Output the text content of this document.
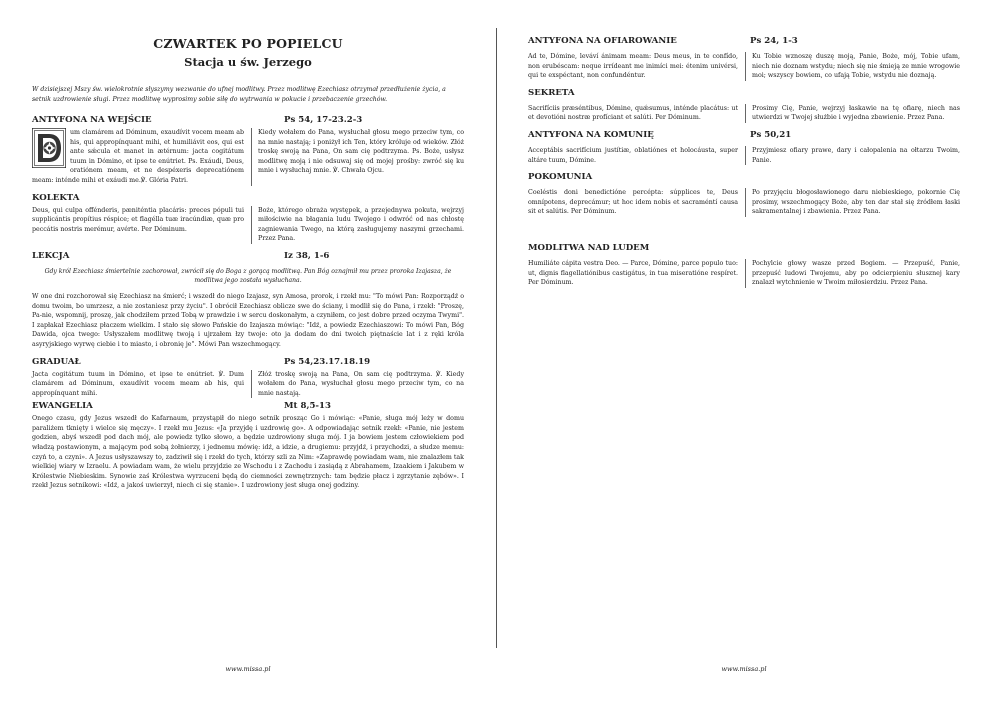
CZWARTEK PO POPIELCU
Stacja u św. Jerzego
W dzisiejszej Mszy św. wielokrotnie słyszymy wezwanie do ufnej modlitwy. Przez modlitwę Ezechiasz otrzymał przedłużenie życia, a setnik uzdrowienie sługi. Przez modlitwę wyprosimy sobie siłę do wytrwania w pokucie i przebaczenie grzechów.
ANTYFONA NA WEJŚCIE	Ps 54, 17-23.2-3
um clamárem ad Dóminum, exaudívit vocem meam ab his, qui appropínquant mihi, et humiliávit eos, qui est ante sǽcula et manet in ætérnum: jacta cogitátum tuum in Dómino, et ipse te enútriet. Ps. Exáudi, Deus, oratiónem meam, et ne despéxeris deprecatiónem meam: inténde mihi et exáudi me.℣. Glória Patri.
Kiedy wołałem do Pana, wysłuchał głosu mego przeciw tym, co na mnie nastają; i poniżył ich Ten, który króluje od wieków. Złóż troskę swoją na Pana, On sam cię podtrzyma. Ps. Boże, usłysz modlitwę moją i nie odsuwaj się od mojej prośby: zwróć się ku mnie i wysłuchaj mnie. ℣. Chwała Ojcu.
KOLEKTA
Deus, qui culpa offénderis, pæniténtia placáris: preces pópuli tui supplicántis propítius réspice; et flagélla tuæ iracúndiæ, quæ pro peccátis nostris merémur, avérte. Per Dóminum.
Boże, którego obraża występek, a przejednywa pokuta, wejrzyj miłościwie na błagania ludu Twojego i odwróć od nas chłostę zagniewania Twego, na którą zasługujemy naszymi grzechami. Przez Pana.
LEKCJA	Iz 38, 1-6
Gdy król Ezechiasz śmiertelnie zachorował, zwrócił się do Boga z gorącą modlitwą. Pan Bóg oznajmił mu przez proroka Izajasza, że modlitwa jego została wysłuchana.
W one dni rozchorował się Ezechiasz na śmierć; i wszedł do niego Izajasz, syn Amosa, prorok, i rzekł mu: "To mówi Pan: Rozporządź o domu twoim, bo umrzesz, a nie zostaniesz przy życiu". I obrócił Ezechiasz oblicze swe do ściany, i modlił się do Pana, i rzekł: "Proszę, Pa-nie, wspomnij, proszę, jak chodziłem przed Tobą w prawdzie i w sercu doskonałym, a czyniłem, co jest dobre przed oczyma Twymi". I zapłakał Ezechiasz płaczem wielkim. I stało się słowo Pańskie do Izajasza mówiąc: "Idź, a powiedz Ezechiaszowi: To mówi Pan, Bóg Dawida, ojca twego: Usłyszałem modlitwę twoją i ujrzałem łzy twoje: oto ja dodam do dni twoich piętnaście lat i z ręki króla asyryjskiego wyrwę ciebie i to miasto, i obronię je". Mówi Pan wszechmogący.
GRADUAŁ	Ps 54,23.17.18.19
Jacta cogitátum tuum in Dómino, et ipse te enútriet. ℣. Dum clamárem ad Dóminum, exaudívit vocem meam ab his, qui appropínquant mihi.
Złóż troskę swoją na Pana, On sam cię podtrzyma. ℣. Kiedy wołałem do Pana, wysłuchał głosu mego przeciw tym, co na mnie nastają.
EWANGELIA	Mt 8,5-13
Onego czasu, gdy Jezus wszedł do Kafarnaum, przystąpił do niego setnik prosząc Go i mówiąc: «Panie, sługa mój leży w domu paraliżem tknięty i wielce się męczy». I rzekł mu Jezus: «Ja przyjdę i uzdrowię go». A odpowiadając setnik rzekł: «Panie, nie jestem godzien, abyś wszedł pod dach mój, ale powiedz tylko słowo, a będzie uzdrowiony sługa mój. I ja bowiem jestem człowiekiem pod władzą postawionym, a mającym pod sobą żołnierzy, i jednemu mówię: idź, a idzie, a drugiemu: przyjdź, i przychodzi, a słudze memu: czyń to, a czyni». A Jezus usłyszawszy to, zadziwił się i rzekł do tych, którzy szli za Nim: «Zaprawdę powiadam wam, nie znalazłem tak wielkiej wiary w Izraelu. A powiadam wam, że wielu przyjdzie ze Wschodu i z Zachodu i zasiądą z Abrahamem, Izaakiem i Jakubem w Królestwie Niebieskim. Synowie zaś Królestwa wyrzuceni będą do ciemności zewnętrznych: tam będzie płacz i zgrzytanie zębów». I rzekł Jezus setnikowi: «Idź, a jakoś uwierzył, niech ci się stanie». I uzdrowiony jest sługa onej godziny.
www.missa.pl
ANTYFONA NA OFIAROWANIE	Ps 24, 1-3
Ad te, Dómine, leváví ánimam meam: Deus meus, in te confído, non erubéscam: neque irrídeant me inimíci mei: étenim univérsi, qui te exspéctant, non confundéntur.
Ku Tobie wznoszę duszę moją, Panie, Boże, mój, Tobie ufam, niech nie doznam wstydu; niech się nie śmieją ze mnie wrogowie moi; wszyscy bowiem, co ufają Tobie, wstydu nie doznają.
SEKRETA
Sacrifíciis præséntibus, Dómine, quǽsumus, inténde placátus: ut et devotióni nostræ profíciant et salúti. Per Dóminum.
Prosimy Cię, Panie, wejrzyj łaskawie na tę ofiarę, niech nas utwierdzi w Twojej służbie i wyjedna zbawienie. Przez Pana.
ANTYFONA NA KOMUNIĘ	Ps 50,21
Acceptábis sacrifícium justítiæ, oblatiónes et holocáusta, super altáre tuum, Dómine.
Przyjmiesz ofiary prawe, dary i całopalenia na ołtarzu Twoim, Panie.
POKOMUNIA
Coeléstis doni benedictióne percépta: súpplices te, Deus omnípotens, deprecámur; ut hoc idem nobis et sacraméntí causa sit et salútis. Per Dóminum.
Po przyjęciu błogosławionego daru niebieskiego, pokornie Cię prosimy, wszechmogący Boże, aby ten dar stał się źródłem łaski sakramentalnej i zbawienia. Przez Pana.
MODLITWA NAD LUDEM
Humiliáte cápita vestra Deo. — Parce, Dómine, parce populo tuo: ut, dignis flagellatiónibus castigátus, in tua miseratióne respíret. Per Dóminum.
Pochylcie głowy wasze przed Bogiem. — Przepuść, Panie, przepuść ludowi Twojemu, aby po odcierpieniu słusznej kary znalazł wytchnienie w Twoim miłosierdziu. Przez Pana.
www.missa.pl
